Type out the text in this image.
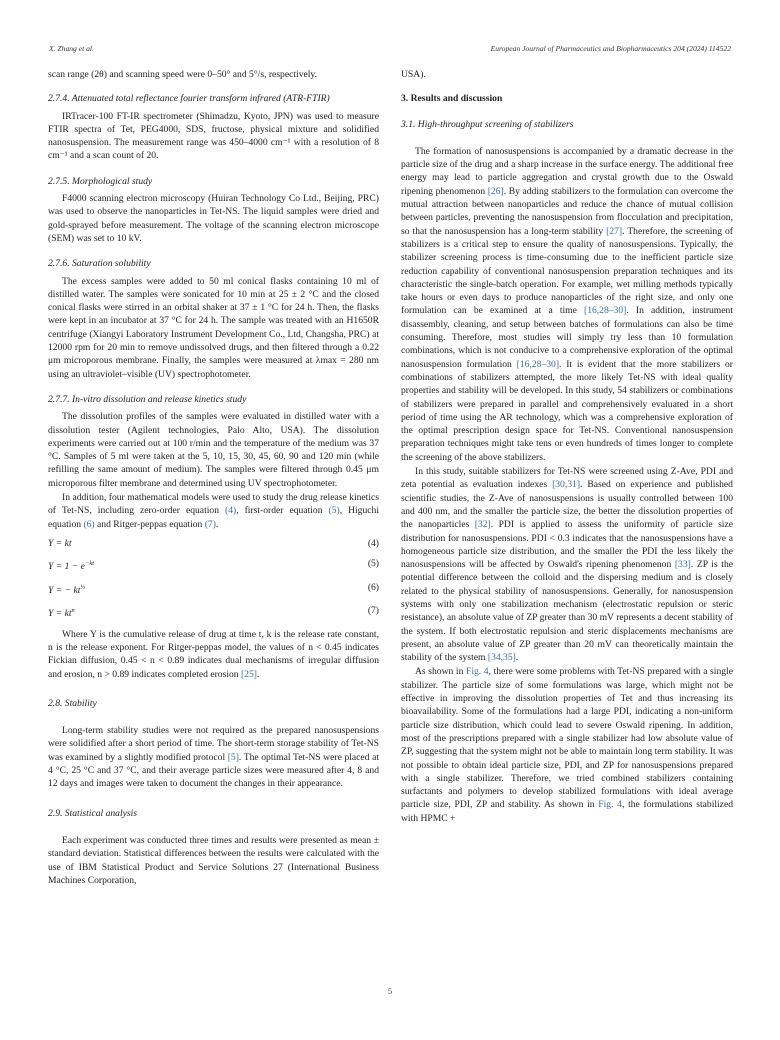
X. Zhang et al.	European Journal of Pharmaceutics and Biopharmaceutics 204 (2024) 114522

scan range (2θ) and scanning speed were 0–50° and 5°/s, respectively.

2.7.4. Attenuated total reflectance fourier transform infrared (ATR-FTIR)

IRTracer-100 FT-IR spectrometer (Shimadzu, Kyoto, JPN) was used to measure FTIR spectra of Tet, PEG4000, SDS, fructose, physical mixture and solidified nanosuspension. The measurement range was 450–4000 cm⁻¹ with a resolution of 8 cm⁻¹ and a scan count of 20.

2.7.5. Morphological study

F4000 scanning electron microscopy (Huiran Technology Co Ltd., Beijing, PRC) was used to observe the nanoparticles in Tet-NS. The liquid samples were dried and gold-sprayed before measurement. The voltage of the scanning electron microscope (SEM) was set to 10 kV.

2.7.6. Saturation solubility

The excess samples were added to 50 ml conical flasks containing 10 ml of distilled water. The samples were sonicated for 10 min at 25 ± 2 °C and the closed conical flasks were stirred in an orbital shaker at 37 ± 1 °C for 24 h. Then, the flasks were kept in an incubator at 37 °C for 24 h. The sample was treated with an H1650R centrifuge (Xiangyi Laboratory Instrument Development Co., Ltd, Changsha, PRC) at 12000 rpm for 20 min to remove undissolved drugs, and then filtered through a 0.22 μm microporous membrane. Finally, the samples were measured at λmax = 280 nm using an ultraviolet–visible (UV) spectrophotometer.

2.7.7. In-vitro dissolution and release kinetics study

The dissolution profiles of the samples were evaluated in distilled water with a dissolution tester (Agilent technologies, Palo Alto, USA). The dissolution experiments were carried out at 100 r/min and the temperature of the medium was 37 °C. Samples of 5 ml were taken at the 5, 10, 15, 30, 45, 60, 90 and 120 min (while refilling the same amount of medium). The samples were filtered through 0.45 μm microporous filter membrane and determined using UV spectrophotometer.

In addition, four mathematical models were used to study the drug release kinetics of Tet-NS, including zero-order equation (4), first-order equation (5), Higuchi equation (6) and Ritger-peppas equation (7).

Y = kt	(4)
$Y = 1 - e^{-kt}$	(5)
Y = − $kt^{\frac{1}{2}}$	(6)
$Y = kt^n$	(7)

Where Y is the cumulative release of drug at time t, k is the release rate constant, n is the release exponent. For Ritger-peppas model, the values of n < 0.45 indicates Fickian diffusion, 0.45 < n < 0.89 indicates dual mechanisms of irregular diffusion and erosion, n > 0.89 indicates completed erosion [25].

2.8. Stability

Long-term stability studies were not required as the prepared nanosuspensions were solidified after a short period of time. The short-term storage stability of Tet-NS was examined by a slightly modified protocol [5]. The optimal Tet-NS were placed at 4 °C, 25 °C and 37 °C, and their average particle sizes were measured after 4, 8 and 12 days and images were taken to document the changes in their appearance.

2.9. Statistical analysis

Each experiment was conducted three times and results were presented as mean ± standard deviation. Statistical differences between the results were calculated with the use of IBM Statistical Product and Service Solutions 27 (International Business Machines Corporation,

USA).

3. Results and discussion
3.1. High-throughput screening of stabilizers

The formation of nanosuspensions is accompanied by a dramatic decrease in the particle size of the drug and a sharp increase in the surface energy. The additional free energy may lead to particle aggregation and crystal growth due to the Oswald ripening phenomenon [26]. By adding stabilizers to the formulation can overcome the mutual attraction between nanoparticles and reduce the chance of mutual collision between particles, preventing the nanosuspension from flocculation and precipitation, so that the nanosuspension has a long-term stability [27]. Therefore, the screening of stabilizers is a critical step to ensure the quality of nanosuspensions. Typically, the stabilizer screening process is time-consuming due to the inefficient particle size reduction capability of conventional nanosuspension preparation techniques and its characteristic the single-batch operation. For example, wet milling methods typically take hours or even days to produce nanoparticles of the right size, and only one formulation can be examined at a time [16,28–30]. In addition, instrument disassembly, cleaning, and setup between batches of formulations can also be time consuming. Therefore, most studies will simply try less than 10 formulation combinations, which is not conducive to a comprehensive exploration of the optimal nanosuspension formulation [16,28–30]. It is evident that the more stabilizers or combinations of stabilizers attempted, the more likely Tet-NS with ideal quality properties and stability will be developed. In this study, 54 stabilizers or combinations of stabilizers were prepared in parallel and comprehensively evaluated in a short period of time using the AR technology, which was a comprehensive exploration of the optimal prescription design space for Tet-NS. Conventional nanosuspension preparation techniques might take tens or even hundreds of times longer to complete the screening of the above stabilizers.

In this study, suitable stabilizers for Tet-NS were screened using Z-Ave, PDI and zeta potential as evaluation indexes [30,31]. Based on experience and published scientific studies, the Z-Ave of nanosuspensions is usually controlled between 100 and 400 nm, and the smaller the particle size, the better the dissolution properties of the nanoparticles [32]. PDI is applied to assess the uniformity of particle size distribution for nanosuspensions. PDI < 0.3 indicates that the nanosuspensions have a homogeneous particle size distribution, and the smaller the PDI the less likely the nanosuspensions will be affected by Oswald's ripening phenomenon [33]. ZP is the potential difference between the colloid and the dispersing medium and is closely related to the physical stability of nanosuspensions. Generally, for nanosuspension systems with only one stabilization mechanism (electrostatic repulsion or steric resistance), an absolute value of ZP greater than 30 mV represents a decent stability of the system. If both electrostatic repulsion and steric displacements mechanisms are present, an absolute value of ZP greater than 20 mV can theoretically maintain the stability of the system [34,35].

As shown in Fig. 4, there were some problems with Tet-NS prepared with a single stabilizer. The particle size of some formulations was large, which might not be effective in improving the dissolution properties of Tet and thus increasing its bioavailability. Some of the formulations had a large PDI, indicating a non-uniform particle size distribution, which could lead to severe Oswald ripening. In addition, most of the prescriptions prepared with a single stabilizer had low absolute value of ZP, suggesting that the system might not be able to maintain long term stability. It was not possible to obtain ideal particle size, PDI, and ZP for nanosuspensions prepared with a single stabilizer. Therefore, we tried combined stabilizers containing surfactants and polymers to develop stabilized formulations with ideal average particle size, PDI, ZP and stability. As shown in Fig. 4, the formulations stabilized with HPMC +

5
